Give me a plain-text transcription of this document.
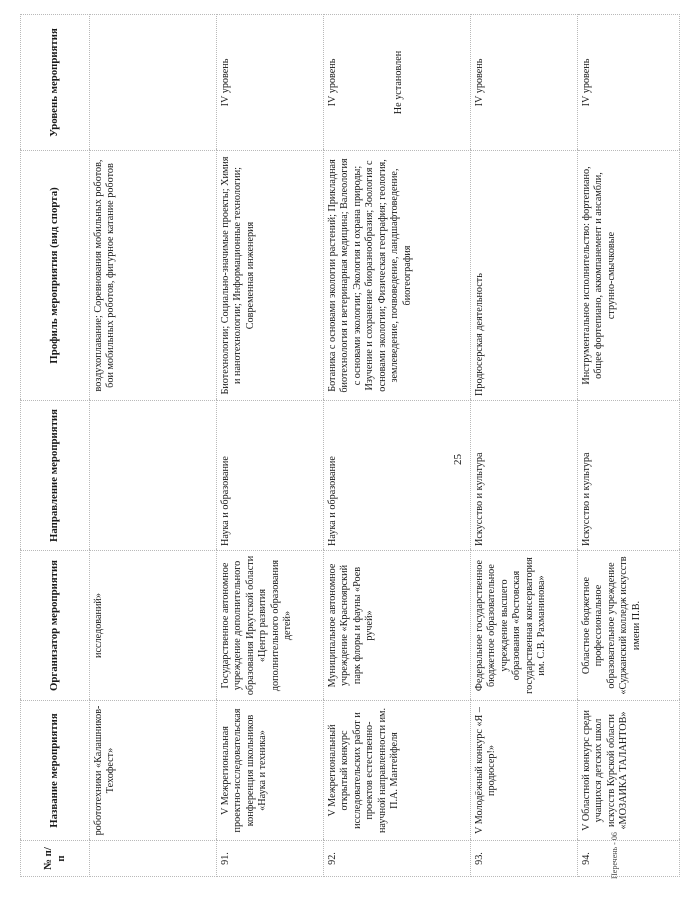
25
№ п/п	Название мероприятия	Организатор мероприятия	Направление мероприятия	Профиль мероприятия (вид спорта)	Уровень мероприятия
	робототехники «Калашников-Техофест»	исследований»		воздухоплавание; Соревнования мобильных роботов, бои мобильных роботов, фигурное катание роботов	
91.	V Межрегиональная проектно-исследовательская конференция школьников «Наука и техника»	Государственное автономное учреждение дополнительного образования Иркутской области «Центр развития дополнительного образования детей»	Наука и образование	Биотехнологии; Социально-значимые проекты; Химия и нанотехнологии; Информационные технологии; Современная инженерия	IV уровень
92.	V Межрегиональный открытый конкурс исследовательских работ и проектов естественно-научной направленности им. П.А. Мантейфеля	Муниципальное автономное учреждение «Красноярский парк флоры и фауны «Роев ручей»	Наука и образование	Ботаника с основами экологии растений; Прикладная биотехнология и ветеринарная медицина; Валеология с основами экологии; Экология и охрана природы; Изучение и сохранение биоразнообразия; Зоология с основами экологии; Физическая география; геология, землеведение, почвоведение, ландшафтоведение, биогеография	IV уровень Не установлен

93.	V Молодёжный конкурс «Я – продюсер!»	Федеральное государственное бюджетное образовательное учреждение высшего образования «Ростовская государственная консерватория им. С.В. Рахманинова»	Искусство и культура	Продюсерская деятельность	IV уровень
94.	V Областной конкурс среди учащихся детских школ искусств Курской области «МОЗАИКА ТАЛАНТОВ»	Областное бюджетное профессиональное образовательное учреждение «Суджанский колледж искусств имени П.В.	Искусство и культура	Инструментальное исполнительство: фортепиано, общее фортепиано, аккомпанемент и ансамбли, струнно-смычковые	IV уровень
Перечень - 06
